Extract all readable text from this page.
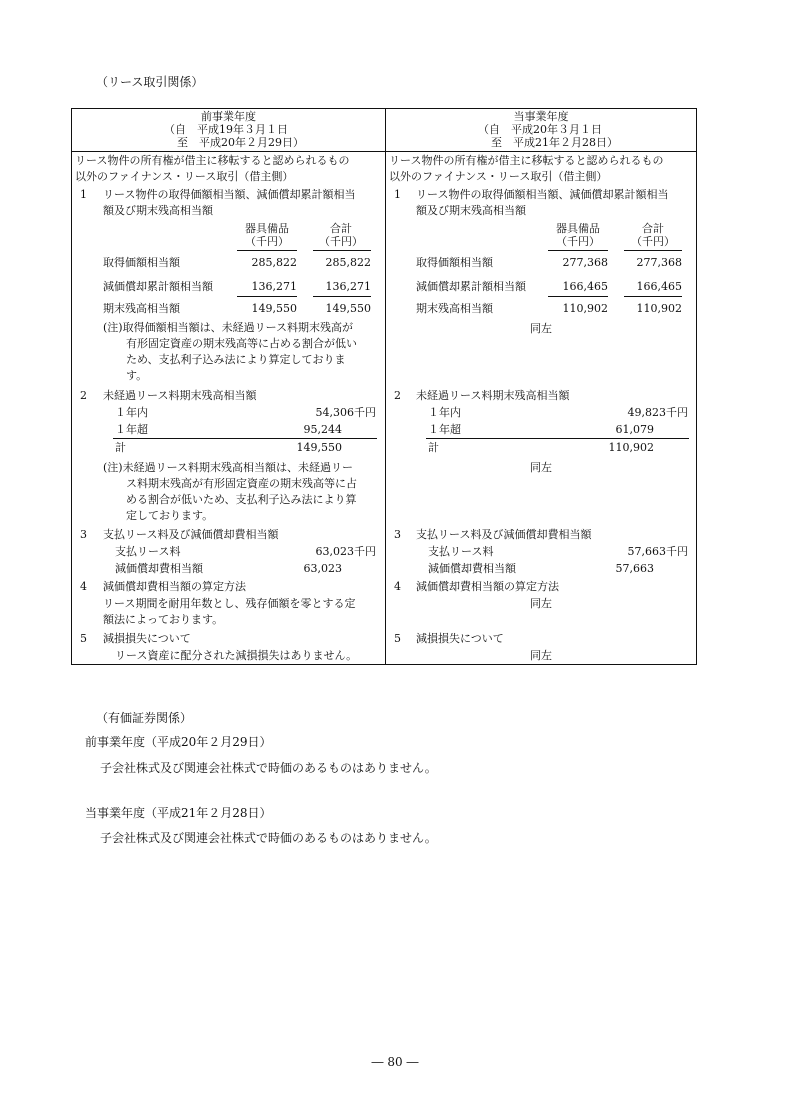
（リース取引関係）
前事業年度
（自　平成19年３月１日
至　平成20年２月29日）
当事業年度
（自　平成20年３月１日
至　平成21年２月28日）
リース物件の所有権が借主に移転すると認められるもの
以外のファイナンス・リース取引（借主側）
1 リース物件の取得価額相当額、減価償却累計額相当
額及び期末残高相当額
器具備品
（千円）
合計
（千円）
取得価額相当額	285,822	285,822
減価償却累計額相当額	136,271	136,271
期末残高相当額	149,550	149,550
(注)取得価額相当額は、未経過リース料期末残高が
有形固定資産の期末残高等に占める割合が低い
ため、支払利子込み法により算定しておりま
す。
2 未経過リース料期末残高相当額
１年内	54,306千円
１年超	95,244
計	149,550
(注)未経過リース料期末残高相当額は、未経過リー
ス料期末残高が有形固定資産の期末残高等に占
める割合が低いため、支払利子込み法により算
定しております。
3 支払リース料及び減価償却費相当額
支払リース料	63,023千円
減価償却費相当額	63,023
4 減価償却費相当額の算定方法
リース期間を耐用年数とし、残存価額を零とする定
額法によっております。
5 減損損失について
リース資産に配分された減損損失はありません。
リース物件の所有権が借主に移転すると認められるもの
以外のファイナンス・リース取引（借主側）
1 リース物件の取得価額相当額、減価償却累計額相当
額及び期末残高相当額
器具備品
（千円）
合計
（千円）
取得価額相当額	277,368	277,368
減価償却累計額相当額	166,465	166,465
期末残高相当額	110,902	110,902
同左
2 未経過リース料期末残高相当額
１年内	49,823千円
１年超	61,079
計	110,902
同左
3 支払リース料及び減価償却費相当額
支払リース料	57,663千円
減価償却費相当額	57,663
4 減価償却費相当額の算定方法
同左
5 減損損失について
同左
（有価証券関係）
前事業年度（平成20年２月29日）
子会社株式及び関連会社株式で時価のあるものはありません。
当事業年度（平成21年２月28日）
子会社株式及び関連会社株式で時価のあるものはありません。
― 80 ―
